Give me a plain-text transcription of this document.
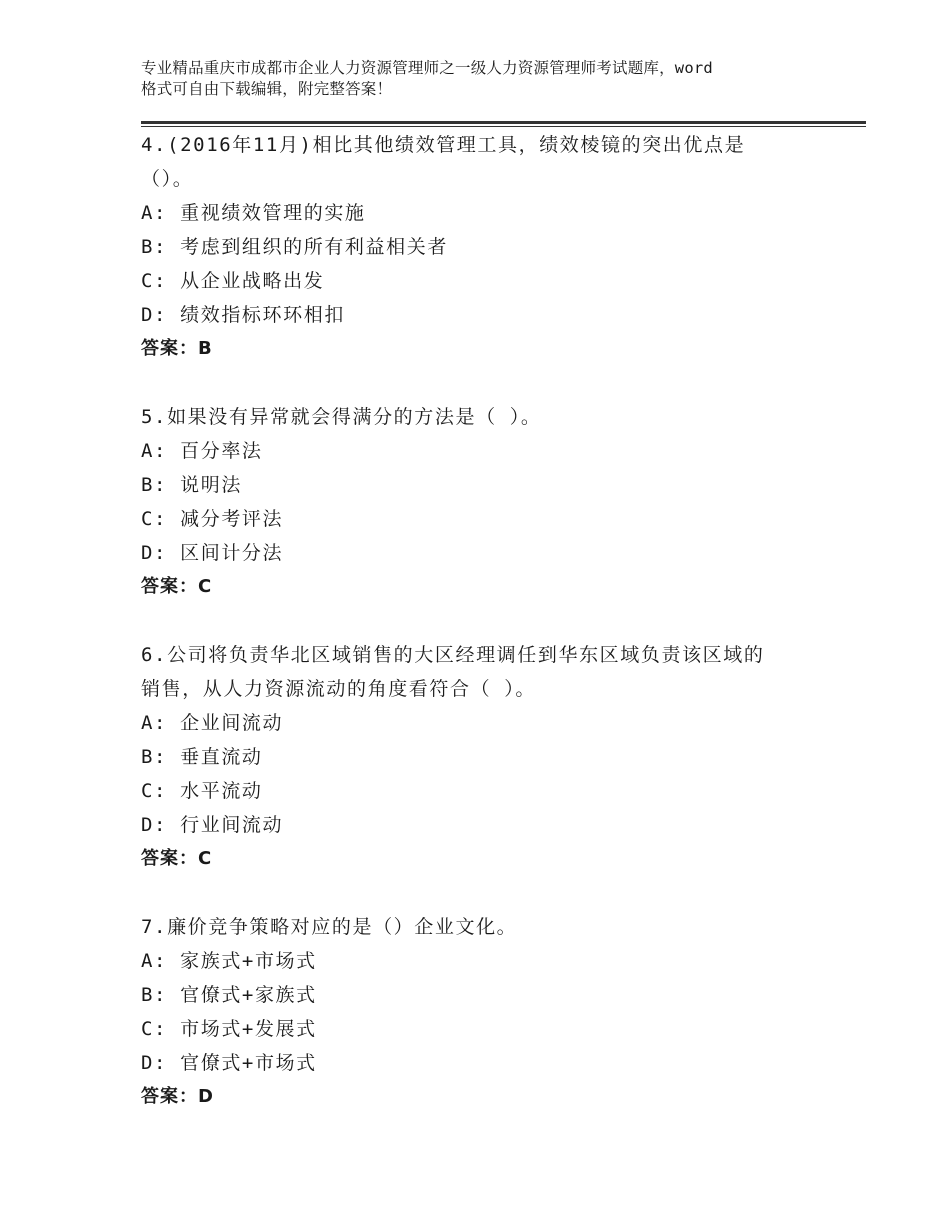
专业精品重庆市成都市企业人力资源管理师之一级人力资源管理师考试题库，word
格式可自由下载编辑，附完整答案！
4.(2016年11月)相比其他绩效管理工具，绩效棱镜的突出优点是
（）。
A: 重视绩效管理的实施
B: 考虑到组织的所有利益相关者
C: 从企业战略出发
D: 绩效指标环环相扣
答案：B
5.如果没有异常就会得满分的方法是（ ）。
A: 百分率法
B: 说明法
C: 减分考评法
D: 区间计分法
答案：C
6.公司将负责华北区域销售的大区经理调任到华东区域负责该区域的
销售，从人力资源流动的角度看符合（ ）。
A: 企业间流动
B: 垂直流动
C: 水平流动
D: 行业间流动
答案：C
7.廉价竞争策略对应的是（）企业文化。
A: 家族式+市场式
B: 官僚式+家族式
C: 市场式+发展式
D: 官僚式+市场式
答案：D
